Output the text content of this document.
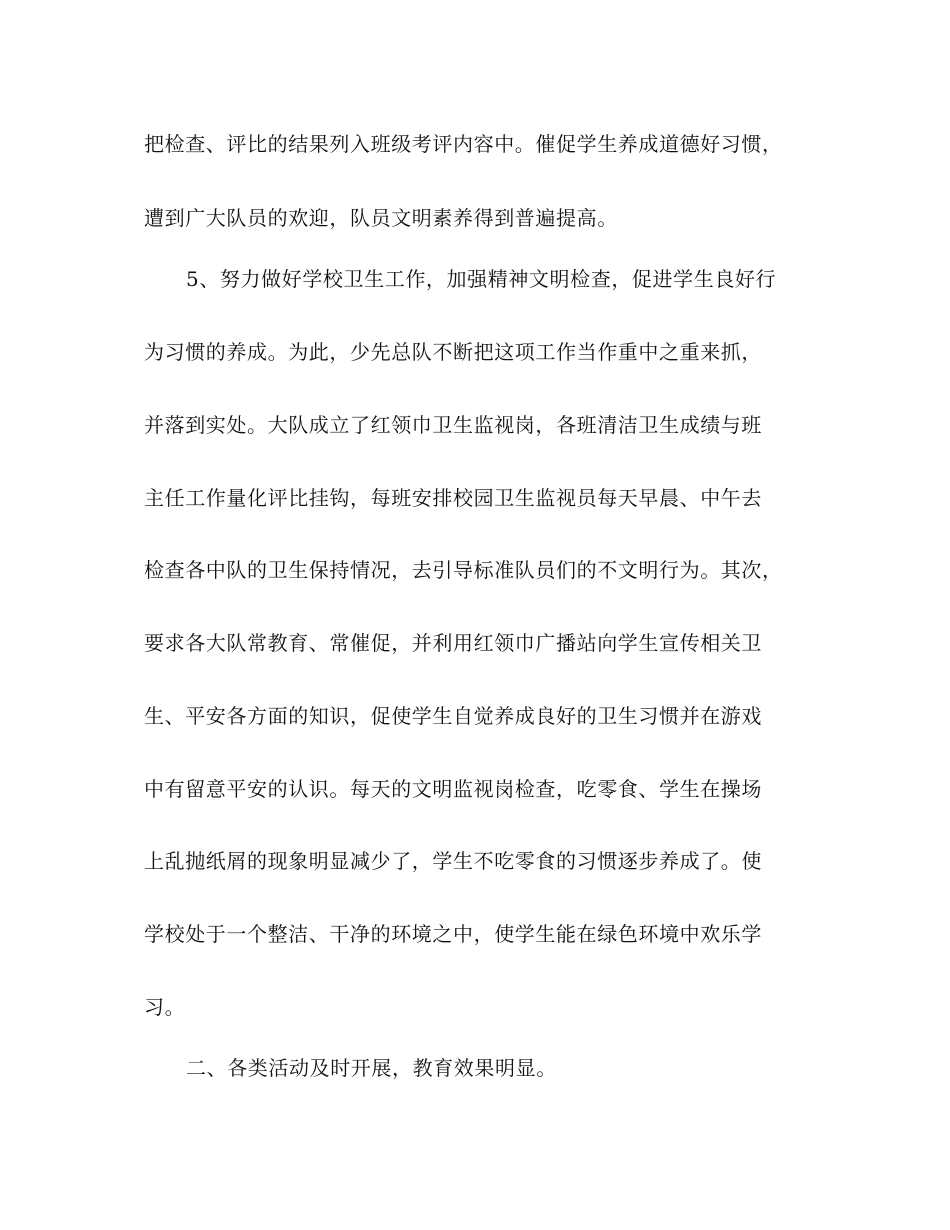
把检查、评比的结果列入班级考评内容中。催促学生养成道德好习惯，
遭到广大队员的欢迎，队员文明素养得到普遍提高。
5、努力做好学校卫生工作，加强精神文明检查，促进学生良好行
为习惯的养成。为此，少先总队不断把这项工作当作重中之重来抓，
并落到实处。大队成立了红领巾卫生监视岗，各班清洁卫生成绩与班
主任工作量化评比挂钩，每班安排校园卫生监视员每天早晨、中午去
检查各中队的卫生保持情况，去引导标准队员们的不文明行为。其次，
要求各大队常教育、常催促，并利用红领巾广播站向学生宣传相关卫
生、平安各方面的知识，促使学生自觉养成良好的卫生习惯并在游戏
中有留意平安的认识。每天的文明监视岗检查，吃零食、学生在操场
上乱抛纸屑的现象明显减少了，学生不吃零食的习惯逐步养成了。使
学校处于一个整洁、干净的环境之中，使学生能在绿色环境中欢乐学
习。
二、各类活动及时开展，教育效果明显。
